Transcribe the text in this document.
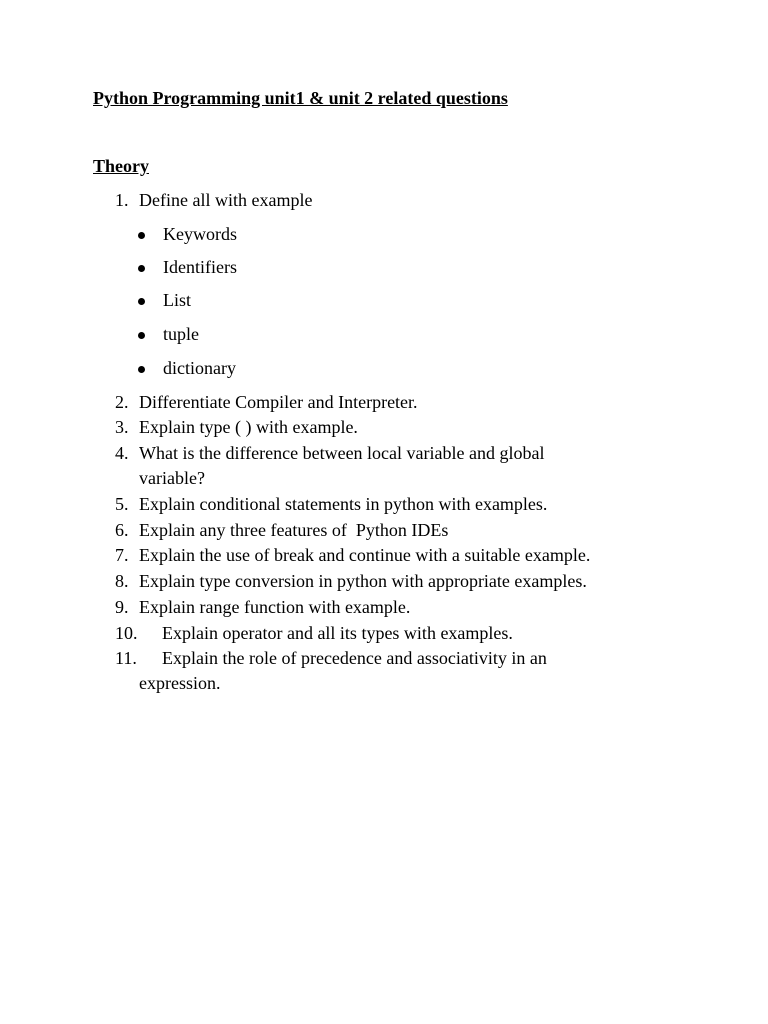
Python Programming unit1 & unit 2 related questions
Theory
1. Define all with example
Keywords
Identifiers
List
tuple
dictionary
2. Differentiate Compiler and Interpreter.
3. Explain type ( ) with example.
4. What is the difference between local variable and global
variable?
5. Explain conditional statements in python with examples.
6. Explain any three features of  Python IDEs
7. Explain the use of break and continue with a suitable example.
8. Explain type conversion in python with appropriate examples.
9. Explain range function with example.
10. Explain operator and all its types with examples.
11. Explain the role of precedence and associativity in an
expression.
